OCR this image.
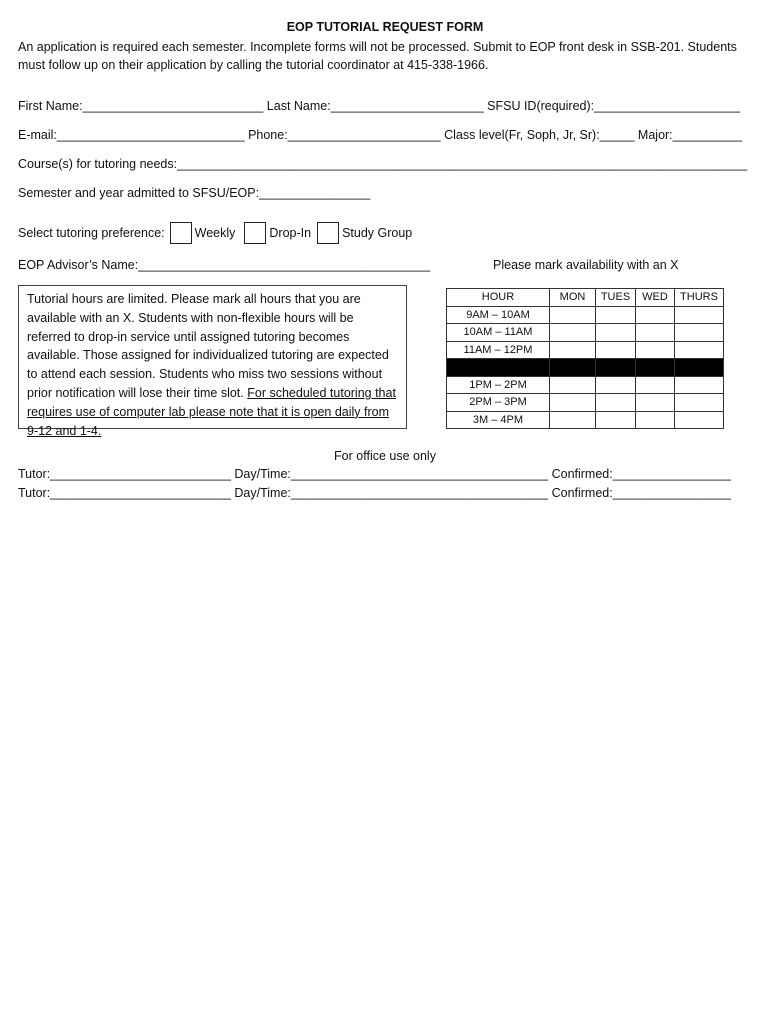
EOP TUTORIAL REQUEST FORM
An application is required each semester. Incomplete forms will not be processed. Submit to EOP front desk in SSB-201. Students must follow up on their application by calling the tutorial coordinator at 415-338-1966.
First Name:__________________________ Last Name:______________________ SFSU ID(required):_____________________
E-mail:___________________________ Phone:______________________ Class level(Fr, Soph, Jr, Sr):_____ Major:__________
Course(s) for tutoring needs:__________________________________________________________________________________
Semester and year admitted to SFSU/EOP:________________
Select tutoring preference: Weekly	Drop-In Study Group
EOP Advisor’s Name:__________________________________________	Please mark availability with an X
Tutorial hours are limited. Please mark all hours that you are available with an X. Students with non-flexible hours will be referred to drop-in service until assigned tutoring becomes available. Those assigned for individualized tutoring are expected to attend each session. Students who miss two sessions without prior notification will lose their time slot. For scheduled tutoring that requires use of computer lab please note that it is open daily from 9-12 and 1-4.
HOUR	MON	TUES	WED	THURS
9AM – 10AM				
10AM – 11AM				
11AM – 12PM				

1PM – 2PM				
2PM – 3PM				
3M – 4PM				
For office use only
Tutor:__________________________ Day/Time:_____________________________________ Confirmed:_________________
Tutor:__________________________ Day/Time:_____________________________________ Confirmed:_________________
